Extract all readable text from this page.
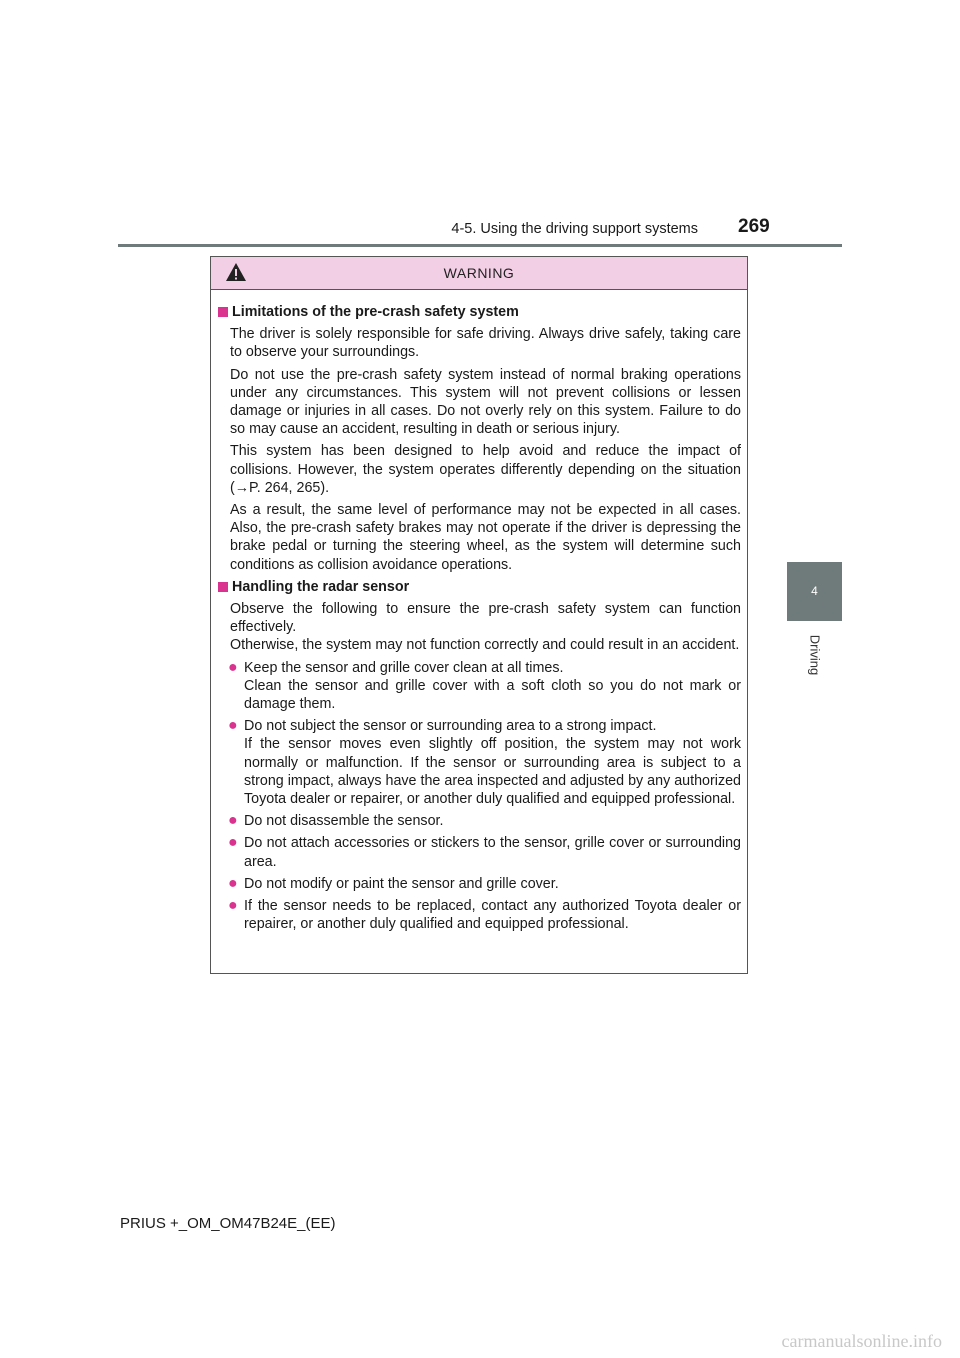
4-5. Using the driving support systems 269
4
Driving
WARNING
Limitations of the pre-crash safety system

The driver is solely responsible for safe driving. Always drive safely, taking care to observe your surroundings.

Do not use the pre-crash safety system instead of normal braking operations under any circumstances. This system will not prevent collisions or lessen damage or injuries in all cases. Do not overly rely on this system. Failure to do so may cause an accident, resulting in death or serious injury.

This system has been designed to help avoid and reduce the impact of collisions. However, the system operates differently depending on the situation (→P. 264, 265).

As a result, the same level of performance may not be expected in all cases. Also, the pre-crash safety brakes may not operate if the driver is depressing the brake pedal or turning the steering wheel, as the system will determine such conditions as collision avoidance operations.

Handling the radar sensor

Observe the following to ensure the pre-crash safety system can function effectively.

Otherwise, the system may not function correctly and could result in an accident.

● Keep the sensor and grille cover clean at all times.
Clean the sensor and grille cover with a soft cloth so you do not mark or damage them.
● Do not subject the sensor or surrounding area to a strong impact.
If the sensor moves even slightly off position, the system may not work normally or malfunction. If the sensor or surrounding area is subject to a strong impact, always have the area inspected and adjusted by any authorized Toyota dealer or repairer, or another duly qualified and equipped professional.
● Do not disassemble the sensor.
● Do not attach accessories or stickers to the sensor, grille cover or surrounding area.
● Do not modify or paint the sensor and grille cover.
● If the sensor needs to be replaced, contact any authorized Toyota dealer or repairer, or another duly qualified and equipped professional.
PRIUS +_OM_OM47B24E_(EE)
carmanualsonline.info
